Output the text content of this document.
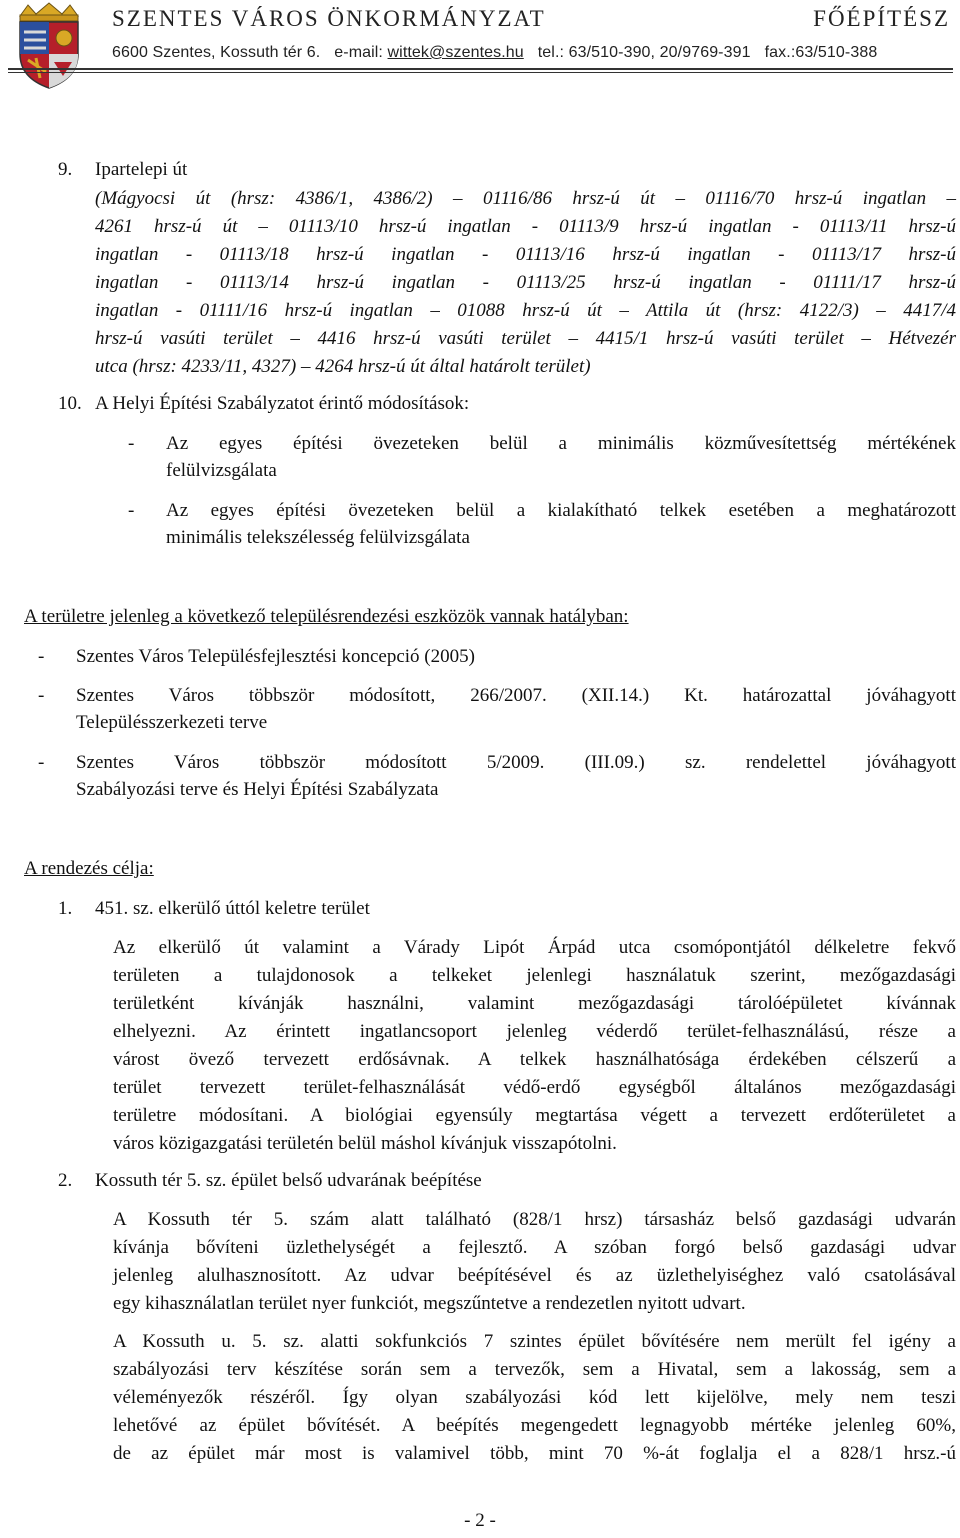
SZENTES VÁROS ÖNKORMÁNYZAT	FŐÉPÍTÉSZ
6600 Szentes, Kossuth tér 6. e-mail: wittek@szentes.hu tel.: 63/510-390, 20/9769-391 fax.:63/510-388
9. Ipartelepi út
(Mágyocsi út (hrsz: 4386/1, 4386/2) – 01116/86 hrsz-ú út – 01116/70 hrsz-ú ingatlan –
4261 hrsz-ú út – 01113/10 hrsz-ú ingatlan - 01113/9 hrsz-ú ingatlan - 01113/11 hrsz-ú
ingatlan - 01113/18 hrsz-ú ingatlan - 01113/16 hrsz-ú ingatlan - 01113/17 hrsz-ú
ingatlan - 01113/14 hrsz-ú ingatlan - 01113/25 hrsz-ú ingatlan - 01111/17 hrsz-ú
ingatlan - 01111/16 hrsz-ú ingatlan – 01088 hrsz-ú út – Attila út (hrsz: 4122/3) – 4417/4
hrsz-ú vasúti terület – 4416 hrsz-ú vasúti terület – 4415/1 hrsz-ú vasúti terület – Hétvezér
utca (hrsz: 4233/11, 4327) – 4264 hrsz-ú út által határolt terület)
10. A Helyi Építési Szabályzatot érintő módosítások:
- Az egyes építési övezeteken belül a minimális közművesítettség mértékének
felülvizsgálata
- Az egyes építési övezeteken belül a kialakítható telkek esetében a meghatározott
minimális telekszélesség felülvizsgálata
A területre jelenleg a következő településrendezési eszközök vannak hatályban:
- Szentes Város Településfejlesztési koncepció (2005)
- Szentes Város többször módosított, 266/2007. (XII.14.) Kt. határozattal jóváhagyott
Településszerkezeti terve
- Szentes Város többször módosított 5/2009. (III.09.) sz. rendelettel jóváhagyott
Szabályozási terve és Helyi Építési Szabályzata
A rendezés célja:
1. 451. sz. elkerülő úttól keletre terület
Az elkerülő út valamint a Várady Lipót Árpád utca csomópontjától délkeletre fekvő
területen a tulajdonosok a telkeket jelenlegi használatuk szerint, mezőgazdasági
területként kívánják használni, valamint mezőgazdasági tárolóépületet kívánnak
elhelyezni. Az érintett ingatlancsoport jelenleg véderdő terület-felhasználású, része a
várost övező tervezett erdősávnak. A telkek használhatósága érdekében célszerű a
terület tervezett terület-felhasználását védő-erdő egységből általános mezőgazdasági
területre módosítani. A biológiai egyensúly megtartása végett a tervezett erdőterületet a
város közigazgatási területén belül máshol kívánjuk visszapótolni.
2. Kossuth tér 5. sz. épület belső udvarának beépítése
A Kossuth tér 5. szám alatt található (828/1 hrsz) társasház belső gazdasági udvarán
kívánja bővíteni üzlethelységét a fejlesztő. A szóban forgó belső gazdasági udvar
jelenleg alulhasznosított. Az udvar beépítésével és az üzlethelyiséghez való csatolásával
egy kihasználatlan terület nyer funkciót, megszűntetve a rendezetlen nyitott udvart.
A Kossuth u. 5. sz. alatti sokfunkciós 7 szintes épület bővítésére nem merült fel igény a
szabályozási terv készítése során sem a tervezők, sem a Hivatal, sem a lakosság, sem a
véleményezők részéről. Így olyan szabályozási kód lett kijelölve, mely nem teszi
lehetővé az épület bővítését. A beépítés megengedett legnagyobb mértéke jelenleg 60%,
de az épület már most is valamivel több, mint 70 %-át foglalja el a 828/1 hrsz.-ú
- 2 -
